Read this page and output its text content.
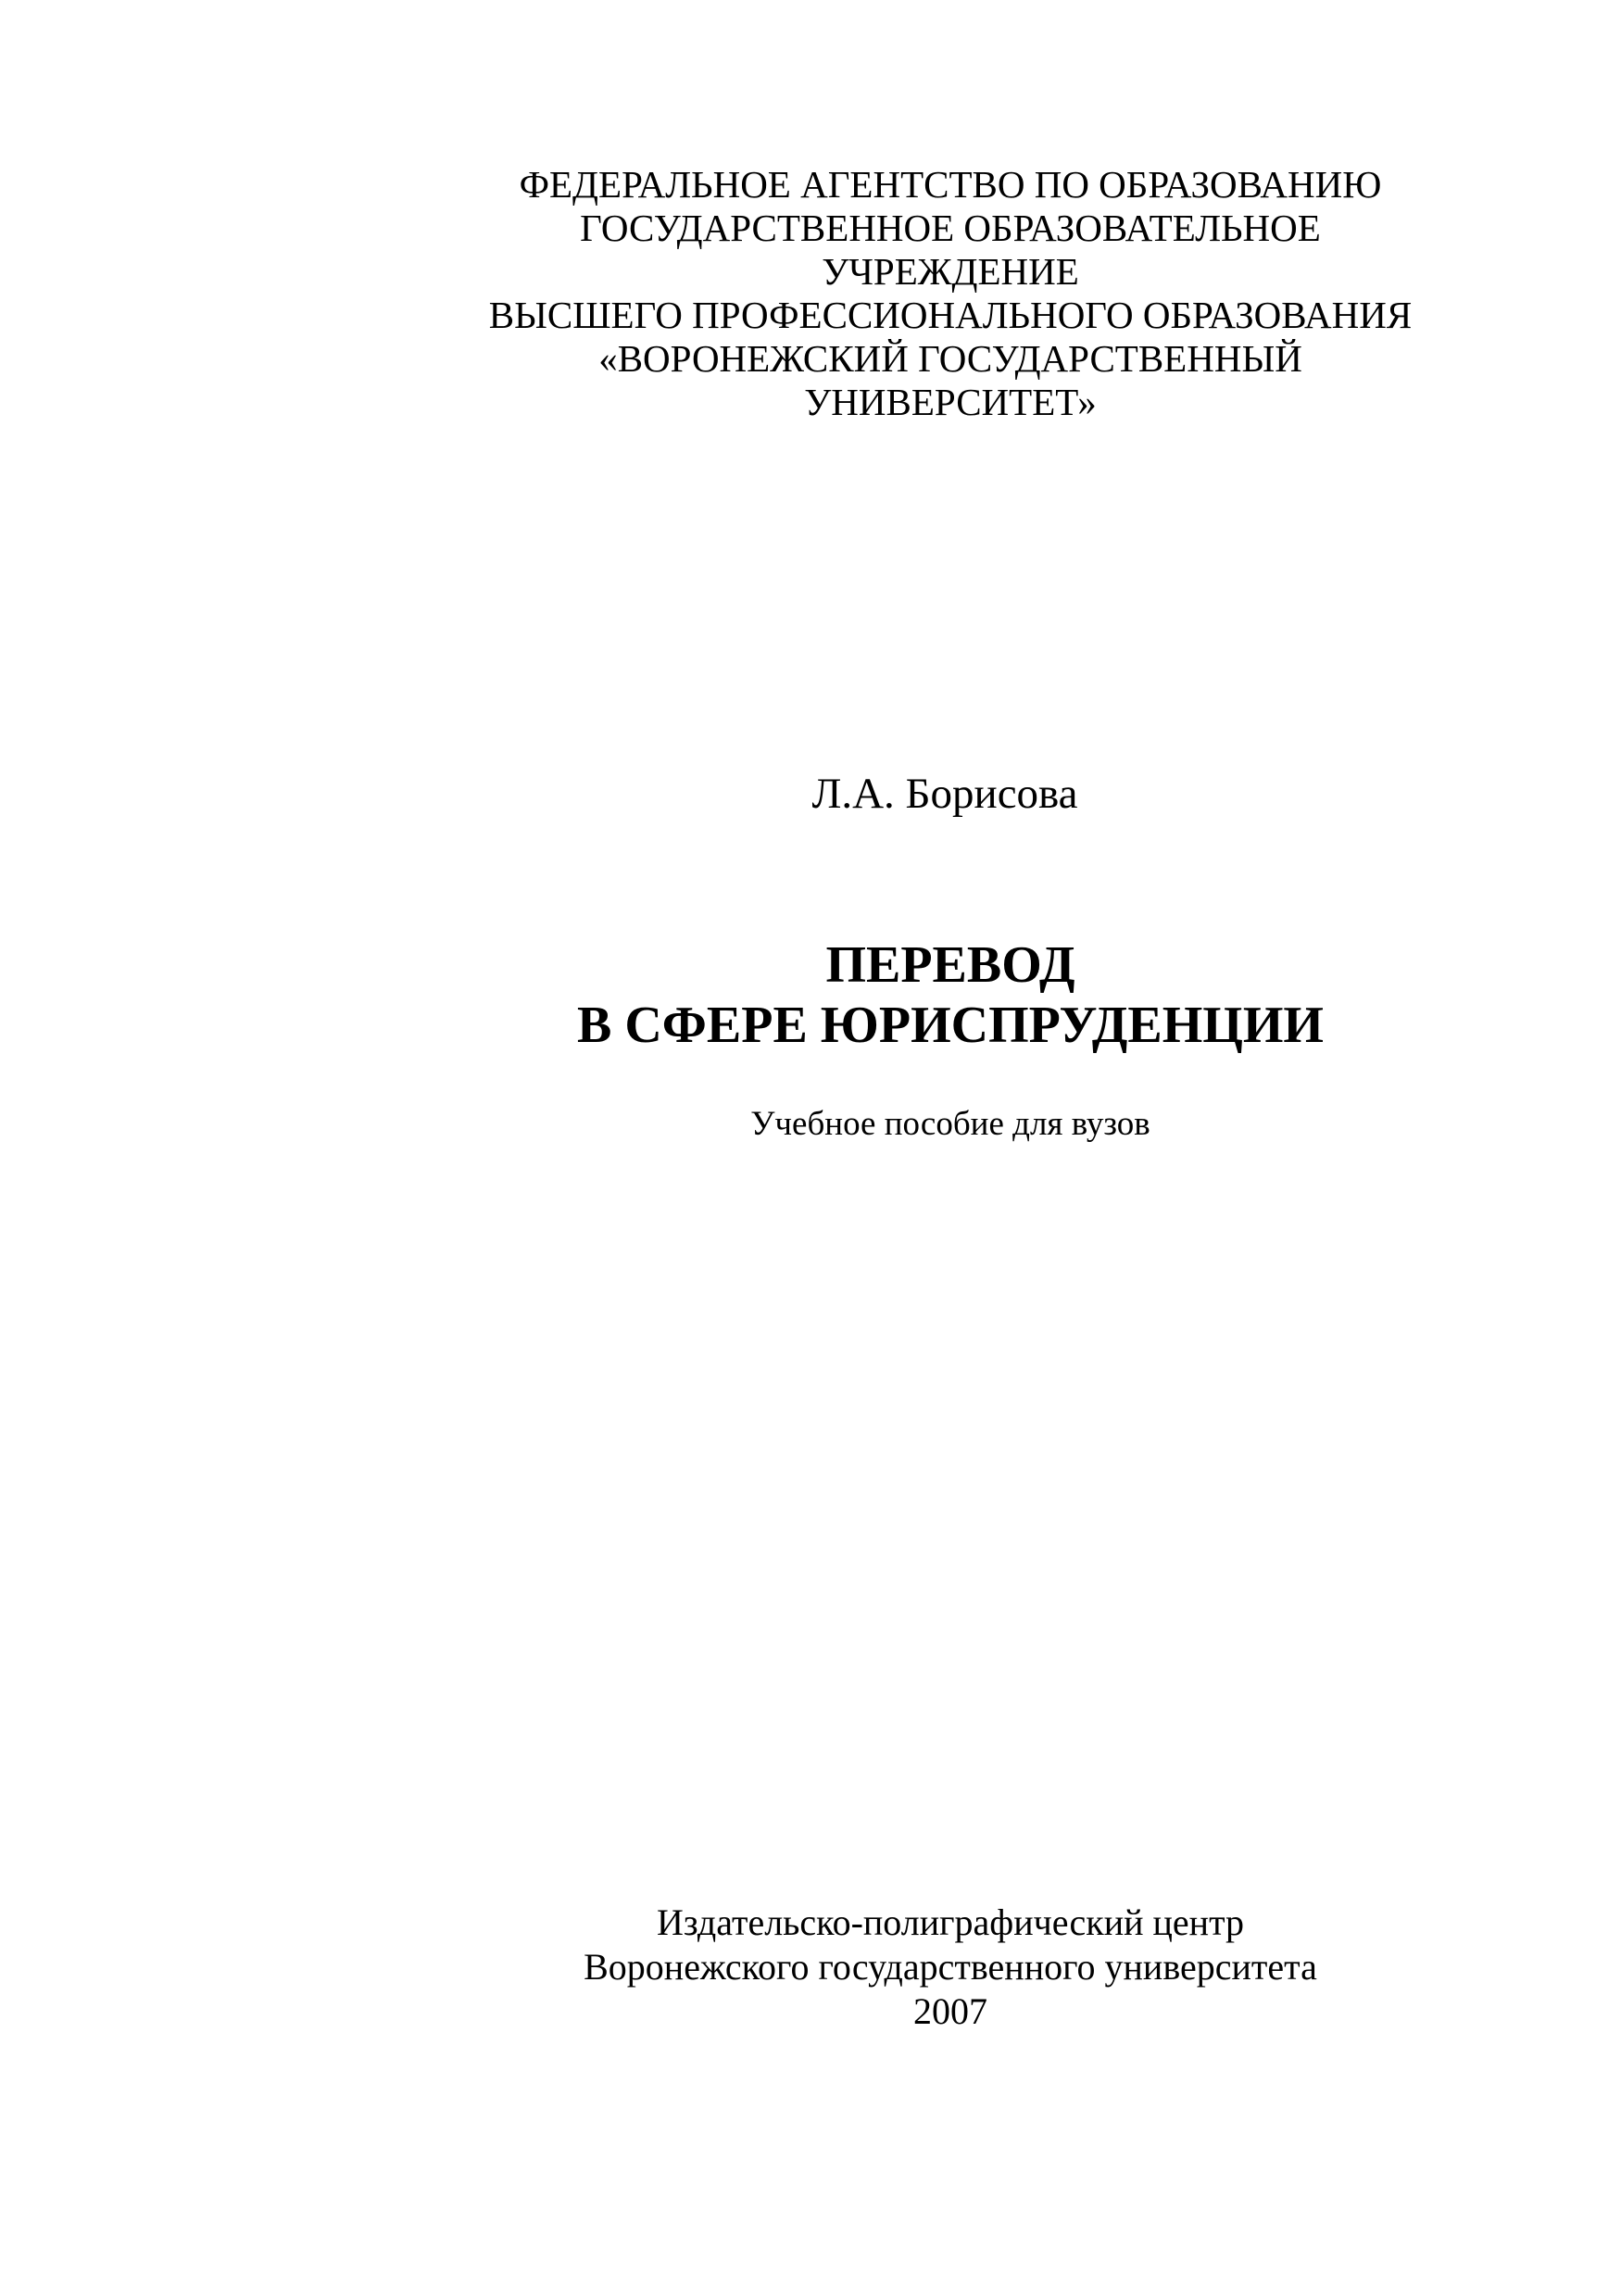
ФЕДЕРАЛЬНОЕ АГЕНТСТВО ПО ОБРАЗОВАНИЮ
ГОСУДАРСТВЕННОЕ ОБРАЗОВАТЕЛЬНОЕ
УЧРЕЖДЕНИЕ
ВЫСШЕГО ПРОФЕССИОНАЛЬНОГО ОБРАЗОВАНИЯ
«ВОРОНЕЖСКИЙ ГОСУДАРСТВЕННЫЙ
УНИВЕРСИТЕТ»
Л.А. Борисова
ПЕРЕВОД
В СФЕРЕ ЮРИСПРУДЕНЦИИ
Учебное пособие для вузов
Издательско-полиграфический центр
Воронежского государственного университета
2007
